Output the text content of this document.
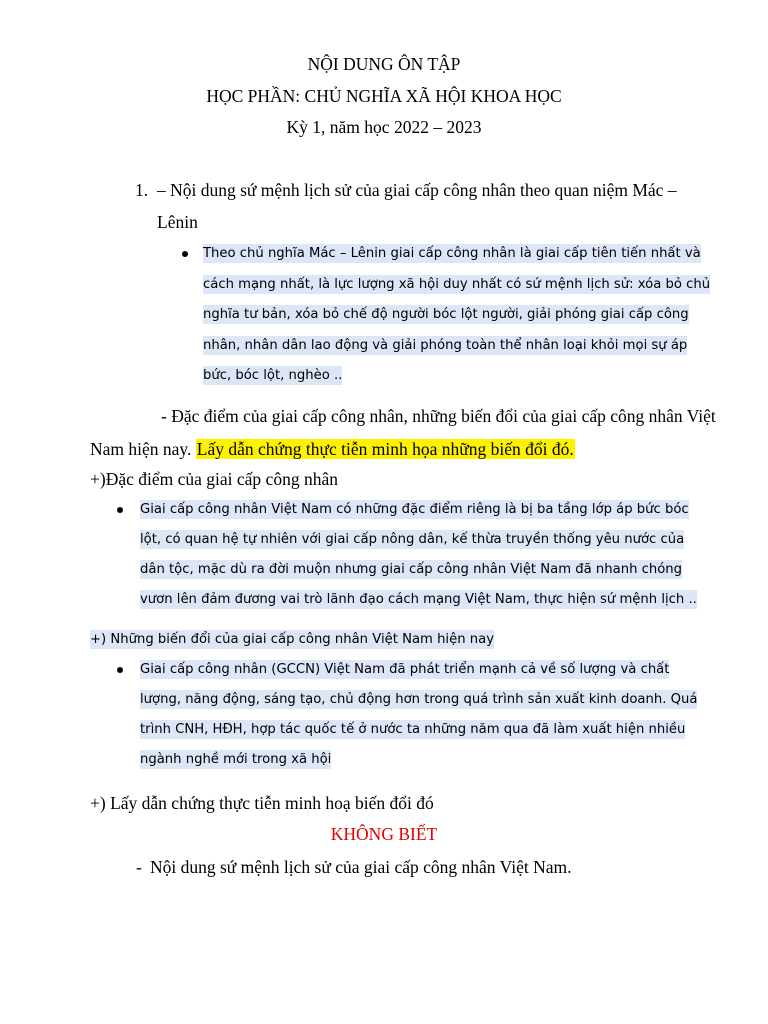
NỘI DUNG ÔN TẬP
HỌC PHẦN: CHỦ NGHĨA XÃ HỘI KHOA HỌC
Kỳ 1, năm học 2022 – 2023
1. – Nội dung sứ mệnh lịch sử của giai cấp công nhân theo quan niệm Mác –
Lênin
Theo chủ nghĩa Mác – Lênin giai cấp công nhân là giai cấp tiên tiến nhất và
cách mạng nhất, là lực lượng xã hội duy nhất có sứ mệnh lịch sử: xóa bỏ chủ
nghĩa tư bản, xóa bỏ chế độ người bóc lột người, giải phóng giai cấp công
nhân, nhân dân lao động và giải phóng toàn thể nhân loại khỏi mọi sự áp
bức, bóc lột, nghèo ..
- Đặc điểm của giai cấp công nhân, những biến đổi của giai cấp công nhân Việt
Nam hiện nay. Lấy dẫn chứng thực tiễn minh họa những biến đổi đó.
+)Đặc điểm của giai cấp công nhân
Giai cấp công nhân Việt Nam có những đặc điểm riêng là bị ba tầng lớp áp bức bóc
lột, có quan hệ tự nhiên với giai cấp nông dân, kế thừa truyền thống yêu nước của
dân tộc, mặc dù ra đời muộn nhưng giai cấp công nhân Việt Nam đã nhanh chóng
vươn lên đảm đương vai trò lãnh đạo cách mạng Việt Nam, thực hiện sứ mệnh lịch ..
+) Những biến đổi của giai cấp công nhân Việt Nam hiện nay
Giai cấp công nhân (GCCN) Việt Nam đã phát triển mạnh cả về số lượng và chất
lượng, năng động, sáng tạo, chủ động hơn trong quá trình sản xuất kinh doanh. Quá
trình CNH, HĐH, hợp tác quốc tế ở nước ta những năm qua đã làm xuất hiện nhiều
ngành nghề mới trong xã hội
+) Lấy dẫn chứng thực tiễn minh hoạ biến đổi đó
KHÔNG BIẾT
- Nội dung sứ mệnh lịch sử của giai cấp công nhân Việt Nam.
